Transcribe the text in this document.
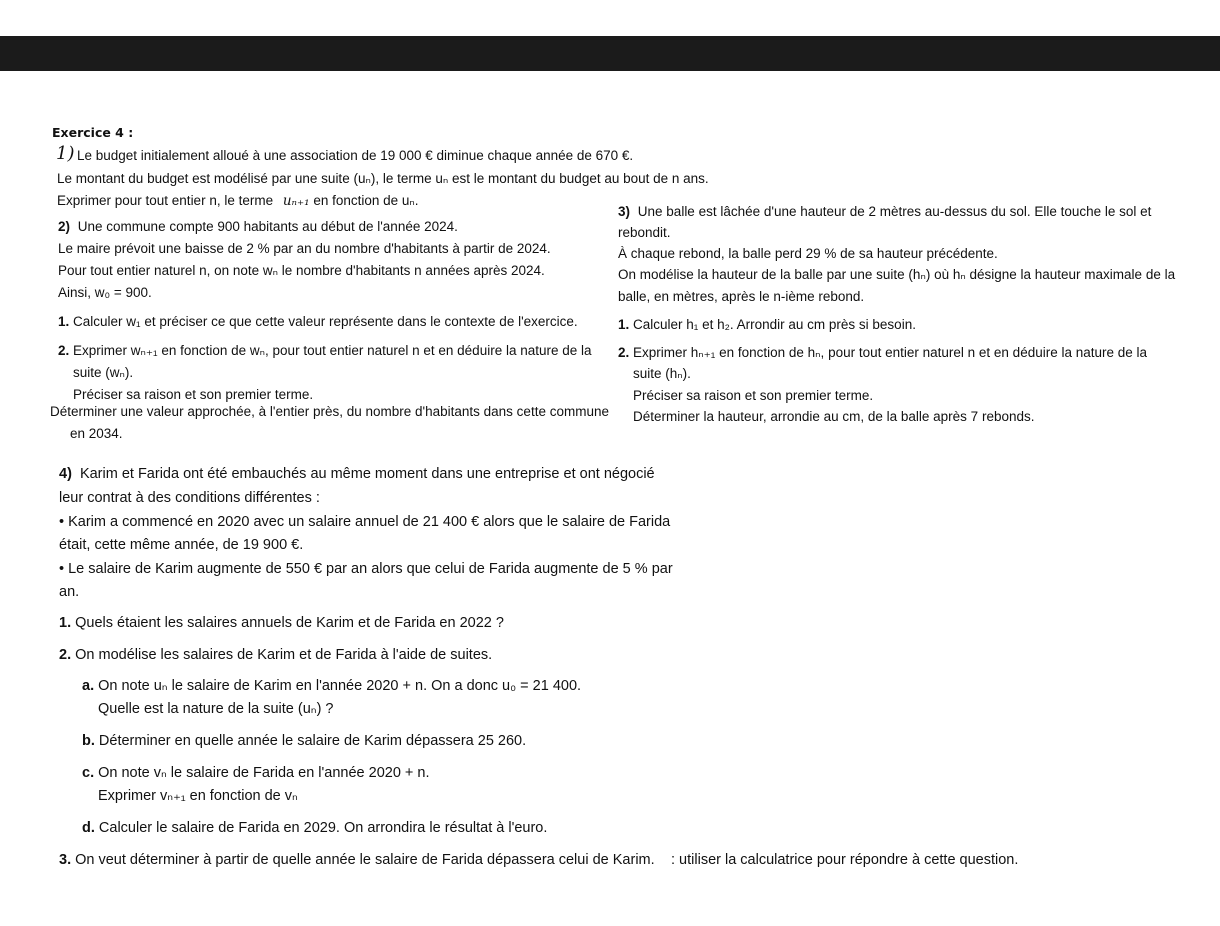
Exercice 4 :
1) Le budget initialement alloué à une association de 19 000 € diminue chaque année de 670 €.
Le montant du budget est modélisé par une suite (uₙ), le terme uₙ est le montant du budget au bout de n ans.
Exprimer pour tout entier n, le terme uₙ₊₁ en fonction de uₙ.
2) Une commune compte 900 habitants au début de l'année 2024.
Le maire prévoit une baisse de 2 % par an du nombre d'habitants à partir de 2024.
Pour tout entier naturel n, on note wₙ le nombre d'habitants n années après 2024.
Ainsi, w₀ = 900.
1. Calculer w₁ et préciser ce que cette valeur représente dans le contexte de l'exercice.
2. Exprimer wₙ₊₁ en fonction de wₙ, pour tout entier naturel n et en déduire la nature de la
suite (wₙ).
Préciser sa raison et son premier terme.
Déterminer une valeur approchée, à l'entier près, du nombre d'habitants dans cette commune
en 2034.
3) Une balle est lâchée d'une hauteur de 2 mètres au-dessus du sol. Elle touche le sol et
rebondit.
À chaque rebond, la balle perd 29 % de sa hauteur précédente.
On modélise la hauteur de la balle par une suite (hₙ) où hₙ désigne la hauteur maximale de la
balle, en mètres, après le n-ième rebond.
1. Calculer h₁ et h₂. Arrondir au cm près si besoin.
2. Exprimer hₙ₊₁ en fonction de hₙ, pour tout entier naturel n et en déduire la nature de la
suite (hₙ).
Préciser sa raison et son premier terme.
Déterminer la hauteur, arrondie au cm, de la balle après 7 rebonds.
4) Karim et Farida ont été embauchés au même moment dans une entreprise et ont négocié
leur contrat à des conditions différentes :
• Karim a commencé en 2020 avec un salaire annuel de 21 400 € alors que le salaire de Farida
était, cette même année, de 19 900 €.
• Le salaire de Karim augmente de 550 € par an alors que celui de Farida augmente de 5 % par
an.
1. Quels étaient les salaires annuels de Karim et de Farida en 2022 ?
2. On modélise les salaires de Karim et de Farida à l'aide de suites.
a. On note uₙ le salaire de Karim en l'année 2020 + n. On a donc u₀ = 21 400.
Quelle est la nature de la suite (uₙ) ?
b. Déterminer en quelle année le salaire de Karim dépassera 25 260.
c. On note vₙ le salaire de Farida en l'année 2020 + n.
Exprimer vₙ₊₁ en fonction de vₙ
d. Calculer le salaire de Farida en 2029. On arrondira le résultat à l'euro.
3. On veut déterminer à partir de quelle année le salaire de Farida dépassera celui de Karim. : utiliser la calculatrice pour répondre à cette question.
